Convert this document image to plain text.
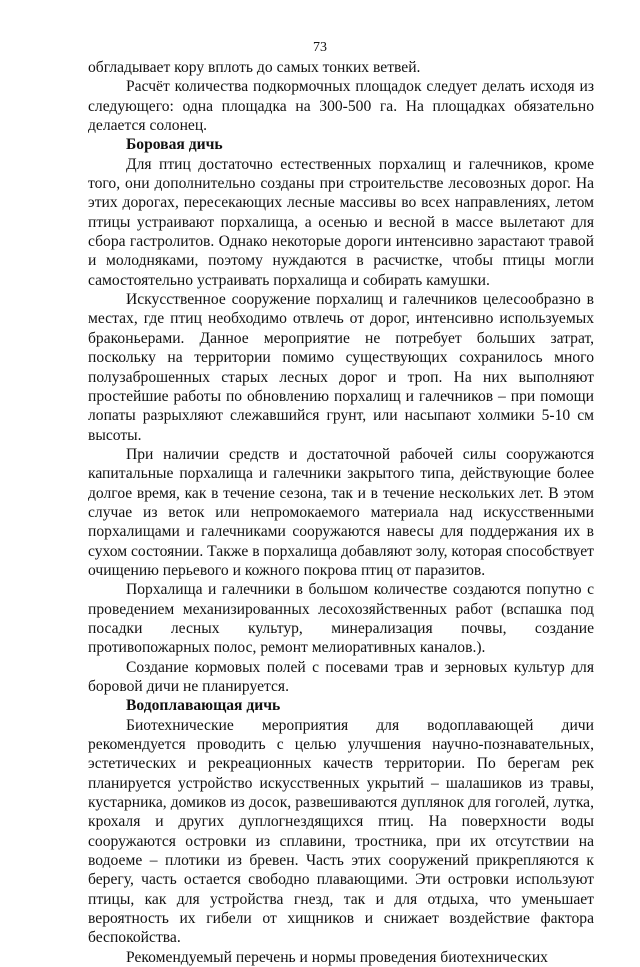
73

обгладывает кору вплоть до самых тонких ветвей.

Расчёт количества подкормочных площадок следует делать исходя из следующего: одна площадка на 300-500 га. На площадках обязательно делается солонец.

Боровая дичь

Для птиц достаточно естественных порхалищ и галечников, кроме того, они дополнительно созданы при строительстве лесовозных дорог. На этих дорогах, пересекающих лесные массивы во всех направлениях, летом птицы устраивают порхалища, а осенью и весной в массе вылетают для сбора гастролитов. Однако некоторые дороги интенсивно зарастают травой и молодняками, поэтому нуждаются в расчистке, чтобы птицы могли самостоятельно устраивать порхалища и собирать камушки.

Искусственное сооружение порхалищ и галечников целесообразно в местах, где птиц необходимо отвлечь от дорог, интенсивно используемых браконьерами. Данное мероприятие не потребует больших затрат, поскольку на территории помимо существующих сохранилось много полузаброшенных старых лесных дорог и троп. На них выполняют простейшие работы по обновлению порхалищ и галечников – при помощи лопаты разрыхляют слежавшийся грунт, или насыпают холмики 5-10 см высоты.

При наличии средств и достаточной рабочей силы сооружаются капитальные порхалища и галечники закрытого типа, действующие более долгое время, как в течение сезона, так и в течение нескольких лет. В этом случае из веток или непромокаемого материала над искусственными порхалищами и галечниками сооружаются навесы для поддержания их в сухом состоянии. Также в порхалища добавляют золу, которая способствует очищению перьевого и кожного покрова птиц от паразитов.

Порхалища и галечники в большом количестве создаются попутно с проведением механизированных лесохозяйственных работ (вспашка под посадки лесных культур, минерализация почвы, создание противопожарных полос, ремонт мелиоративных каналов.).

Создание кормовых полей с посевами трав и зерновых культур для боровой дичи не планируется.

Водоплавающая дичь

Биотехнические мероприятия для водоплавающей дичи рекомендуется проводить с целью улучшения научно-познавательных, эстетических и рекреационных качеств территории. По берегам рек планируется устройство искусственных укрытий – шалашиков из травы, кустарника, домиков из досок, развешиваются дуплянок для гоголей, лутка, крохаля и других дуплогнездящихся птиц. На поверхности воды сооружаются островки из сплавини, тростника, при их отсутствии на водоеме – плотики из бревен. Часть этих сооружений прикрепляются к берегу, часть остается свободно плавающими. Эти островки используют птицы, как для устройства гнезд, так и для отдыха, что уменьшает вероятность их гибели от хищников и снижает воздействие фактора беспокойства.

Рекомендуемый перечень и нормы проведения биотехнических
